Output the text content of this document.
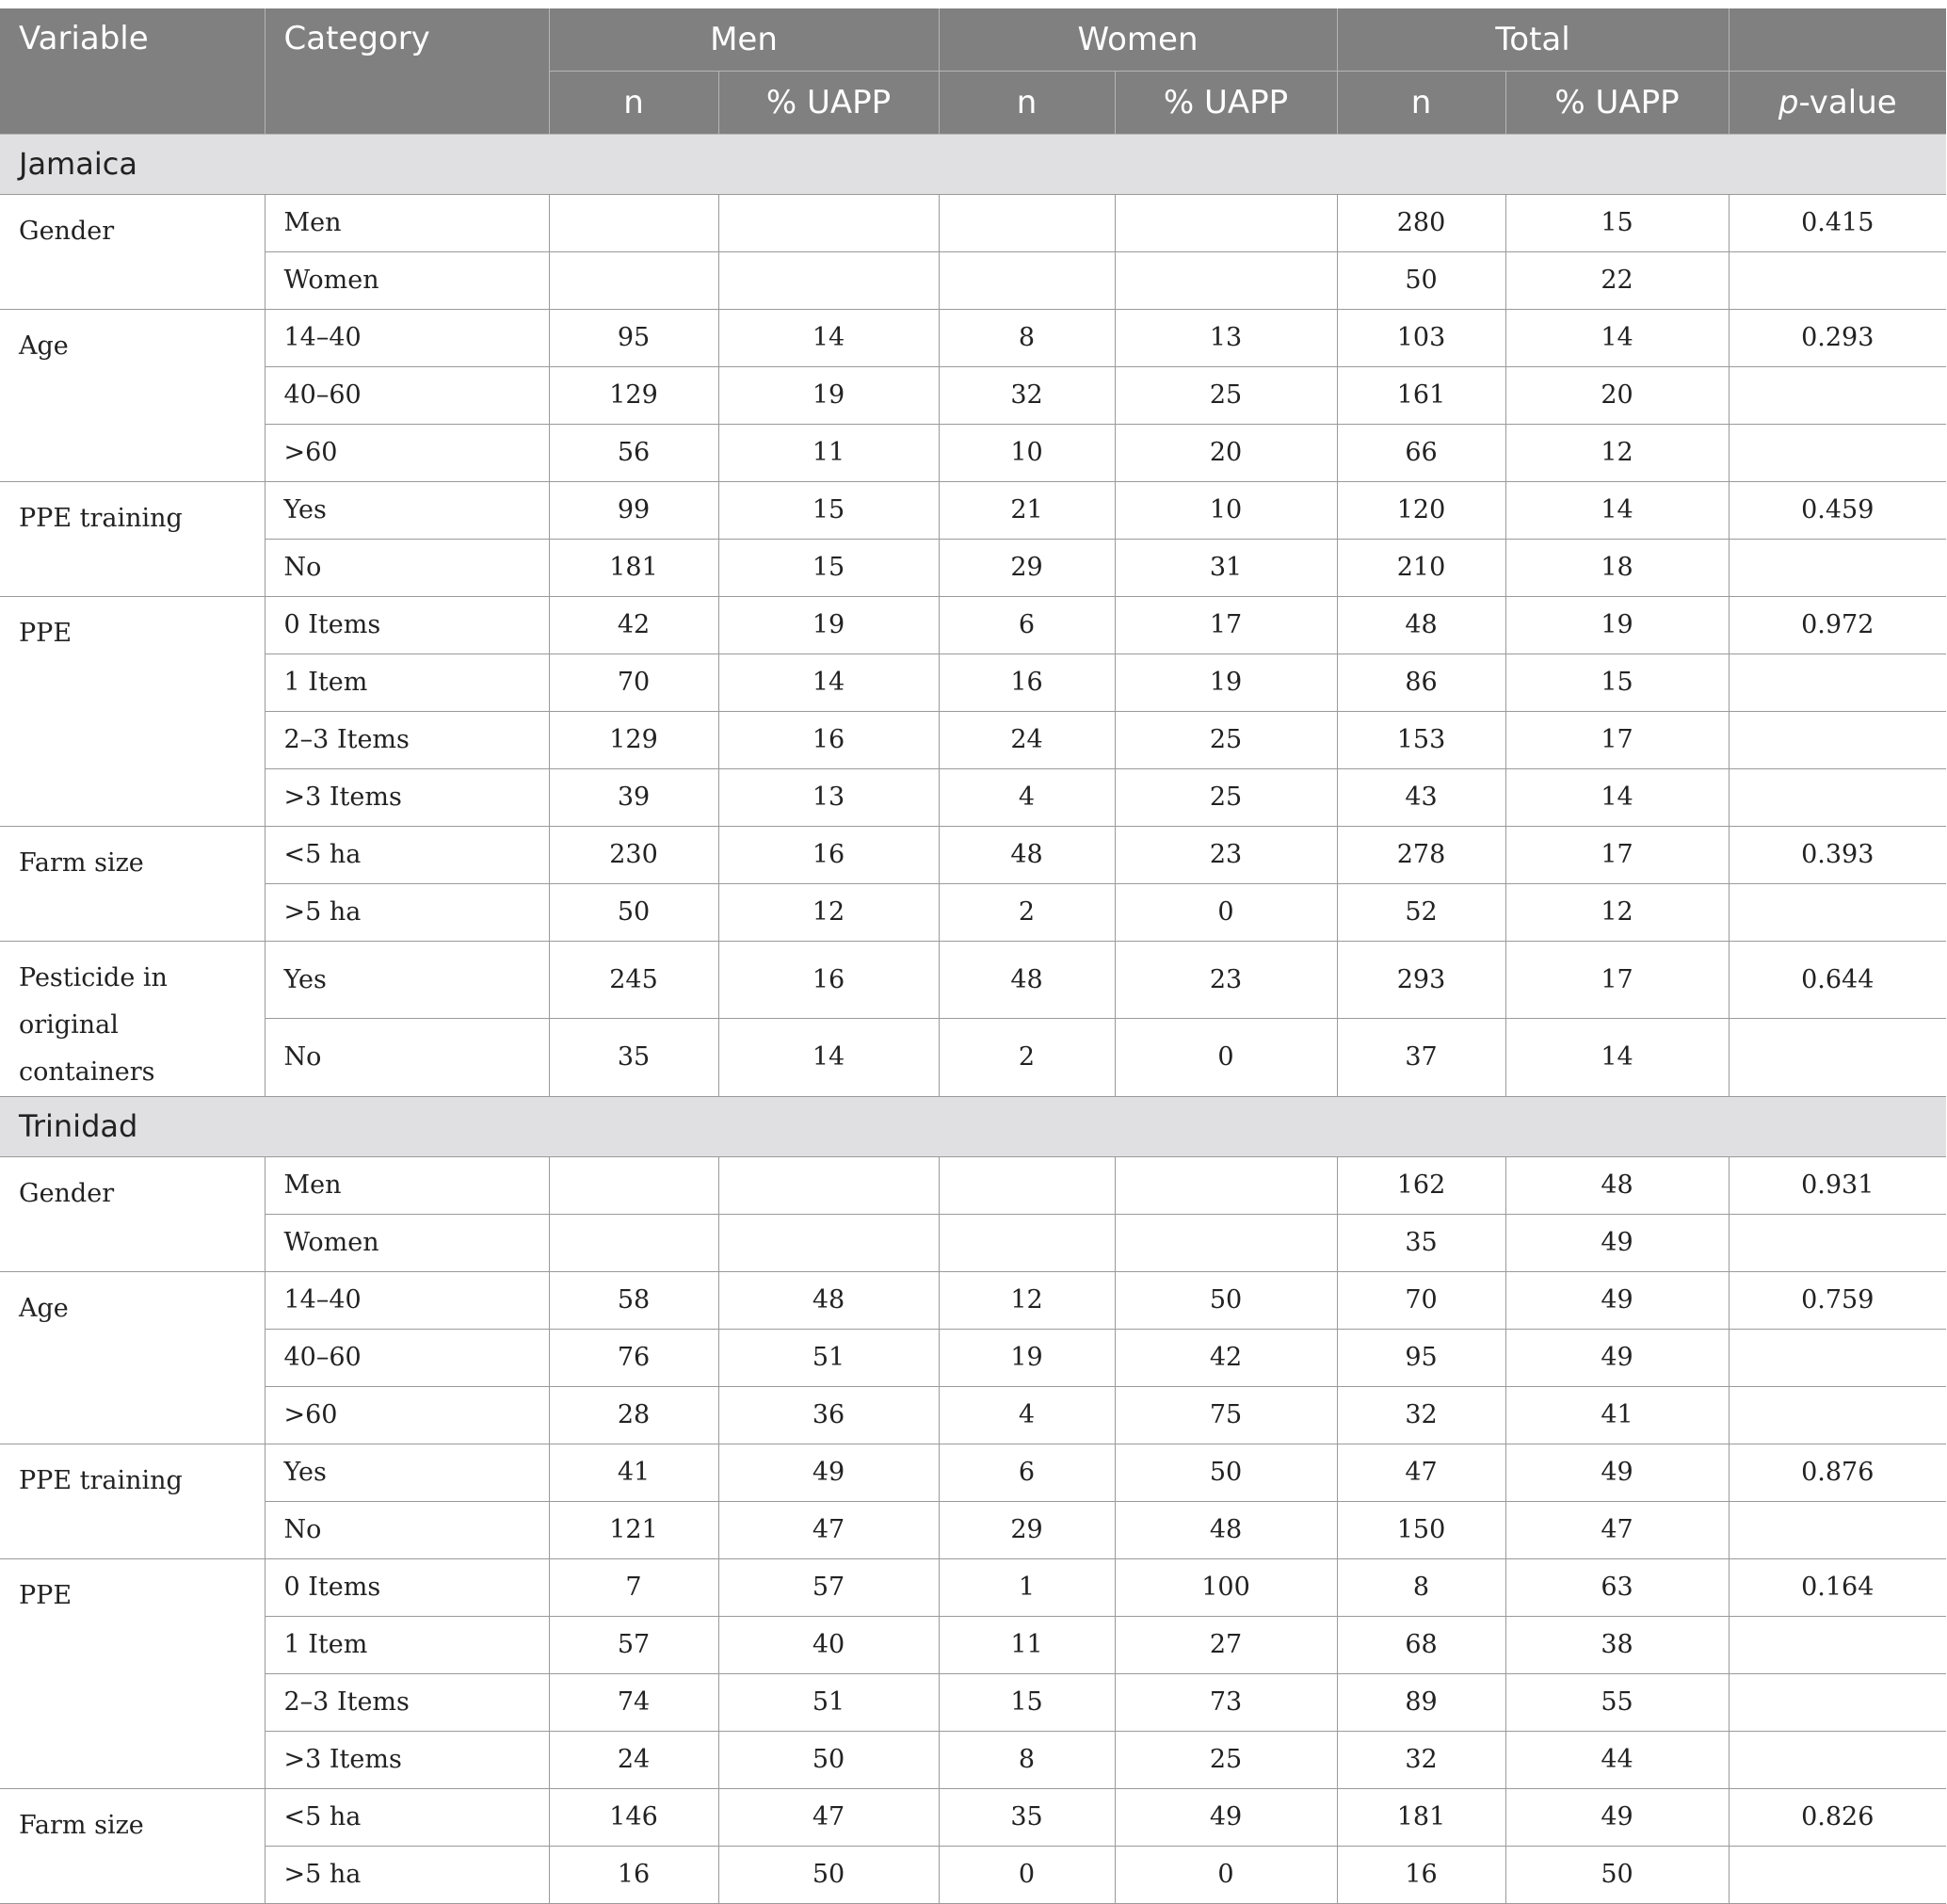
Variable	Category	Men		Women		Total		
		n	% UAPP	n	% UAPP	n	% UAPP	p-value
Jamaica								
Gender	Men					280	15	0.415
	Women					50	22	
Age	14–40	95	14	8	13	103	14	0.293
	40–60	129	19	32	25	161	20	
	>60	56	11	10	20	66	12	
PPE training	Yes	99	15	21	10	120	14	0.459
	No	181	15	29	31	210	18	
PPE	0 Items	42	19	6	17	48	19	0.972
	1 Item	70	14	16	19	86	15	
	2–3 Items	129	16	24	25	153	17	
	>3 Items	39	13	4	25	43	14	
Farm size	<5 ha	230	16	48	23	278	17	0.393
	>5 ha	50	12	2	0	52	12	
Pesticide in original containers	Yes	245	16	48	23	293	17	0.644
	No	35	14	2	0	37	14	
Trinidad								
Gender	Men					162	48	0.931
	Women					35	49	
Age	14–40	58	48	12	50	70	49	0.759
	40–60	76	51	19	42	95	49	
	>60	28	36	4	75	32	41	
PPE training	Yes	41	49	6	50	47	49	0.876
	No	121	47	29	48	150	47	
PPE	0 Items	7	57	1	100	8	63	0.164
	1 Item	57	40	11	27	68	38	
	2–3 Items	74	51	15	73	89	55	
	>3 Items	24	50	8	25	32	44	
Farm size	<5 ha	146	47	35	49	181	49	0.826
	>5 ha	16	50	0	0	16	50	
